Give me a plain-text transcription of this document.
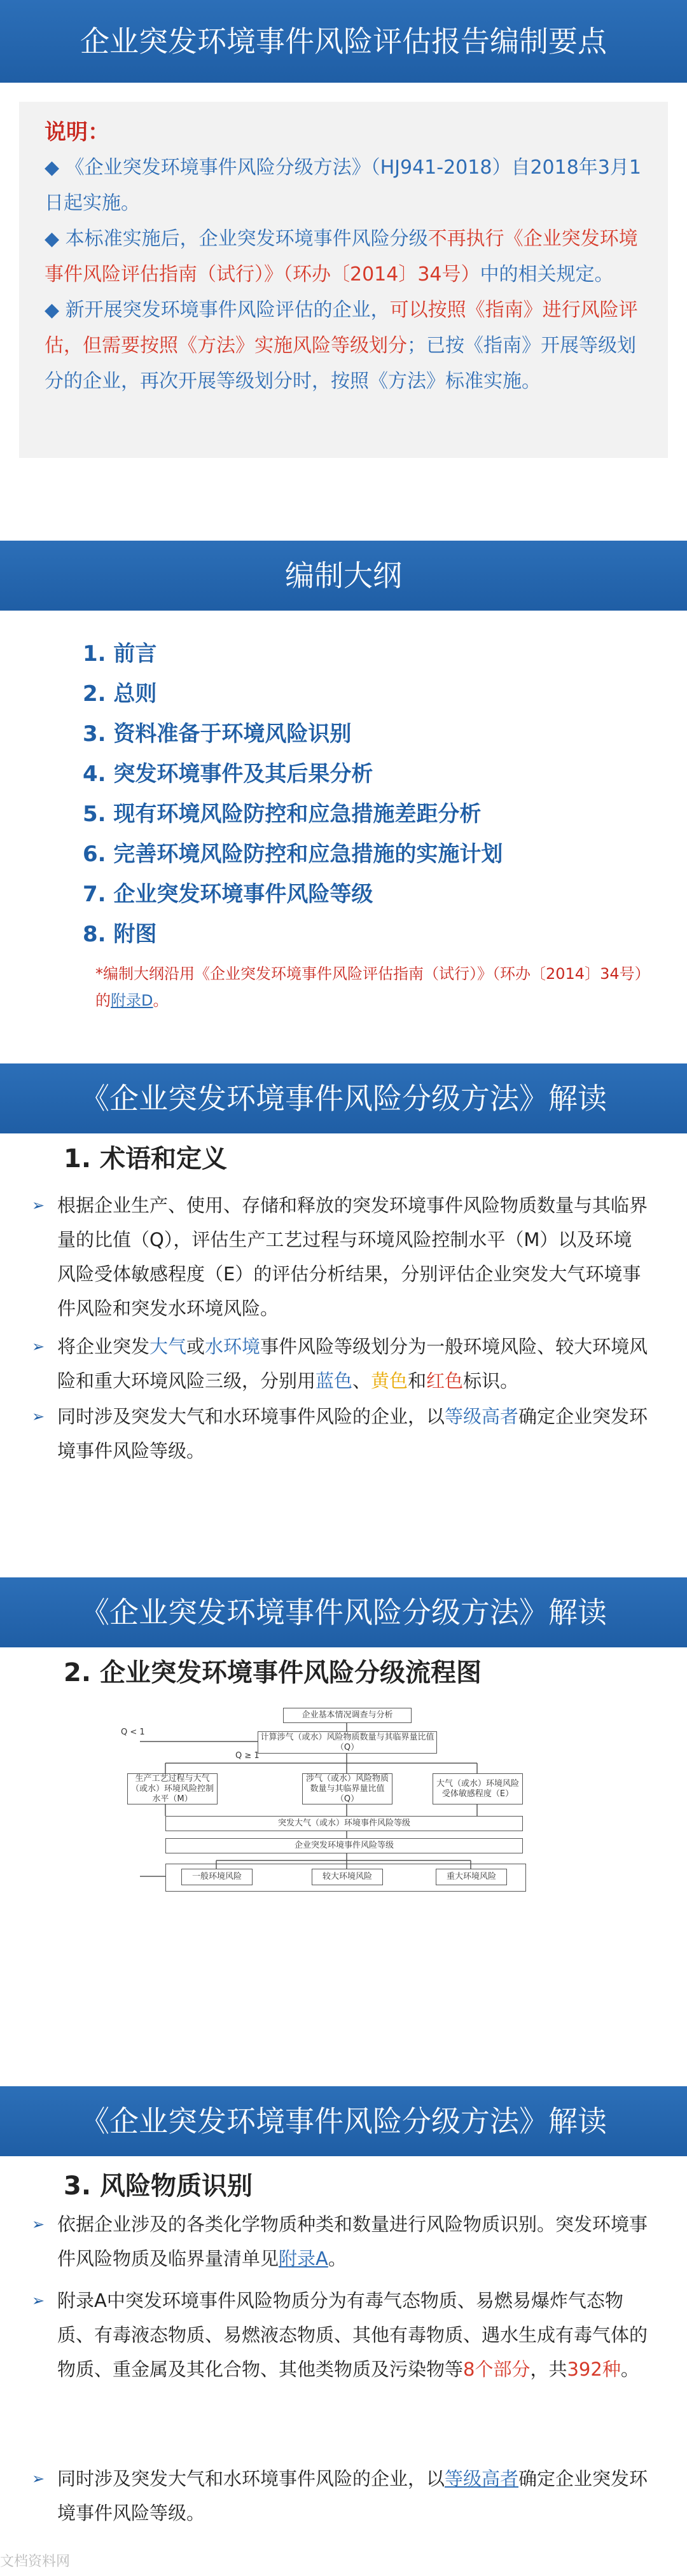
企业突发环境事件风险评估报告编制要点

说明：

◆ 《企业突发环境事件风险分级方法》（HJ941-2018）自2018年3月1日起实施。

◆ 本标准实施后，企业突发环境事件风险分级不再执行《企业突发环境事件风险评估指南（试行）》（环办〔2014〕34号）中的相关规定。

◆ 新开展突发环境事件风险评估的企业，可以按照《指南》进行风险评估，但需要按照《方法》实施风险等级划分；已按《指南》开展等级划分的企业，再次开展等级划分时，按照《方法》标准实施。

编制大纲
1. 前言
2. 总则
3. 资料准备于环境风险识别
4. 突发环境事件及其后果分析
5. 现有环境风险防控和应急措施差距分析
6. 完善环境风险防控和应急措施的实施计划
7. 企业突发环境事件风险等级
8. 附图
*编制大纲沿用《企业突发环境事件风险评估指南（试行）》（环办〔2014〕34号）的附录D。
《企业突发环境事件风险分级方法》解读
1. 术语和定义
➢ 根据企业生产、使用、存储和释放的突发环境事件风险物质数量与其临界量的比值（Q），评估生产工艺过程与环境风险控制水平（M）以及环境风险受体敏感程度（E）的评估分析结果，分别评估企业突发大气环境事件风险和突发水环境风险。
➢ 将企业突发大气或水环境事件风险等级划分为一般环境风险、较大环境风险和重大环境风险三级，分别用蓝色、黄色和红色标识。
➢ 同时涉及突发大气和水环境事件风险的企业，以等级高者确定企业突发环境事件风险等级。
《企业突发环境事件风险分级方法》解读
2. 企业突发环境事件风险分级流程图
企业基本情况调查与分析
计算涉气（或水）风险物质数量与其临界量比值（Q）
Q < 1
Q ≥ 1
生产工艺过程与大气（或水）环境风险控制水平（M）
涉气（或水）风险物质数量与其临界量比值（Q）
大气（或水）环境风险受体敏感程度（E）
突发大气（或水）环境事件风险等级
企业突发环境事件风险等级
一般环境风险	较大环境风险	重大环境风险
《企业突发环境事件风险分级方法》解读
3. 风险物质识别
➢ 依据企业涉及的各类化学物质种类和数量进行风险物质识别。突发环境事件风险物质及临界量清单见附录A。
➢ 附录A中突发环境事件风险物质分为有毒气态物质、易燃易爆炸气态物质、有毒液态物质、易燃液态物质、其他有毒物质、遇水生成有毒气体的物质、重金属及其化合物、其他类物质及污染物等8个部分，共392种。
➢ 同时涉及突发大气和水环境事件风险的企业，以等级高者确定企业突发环境事件风险等级。
文档资料网
